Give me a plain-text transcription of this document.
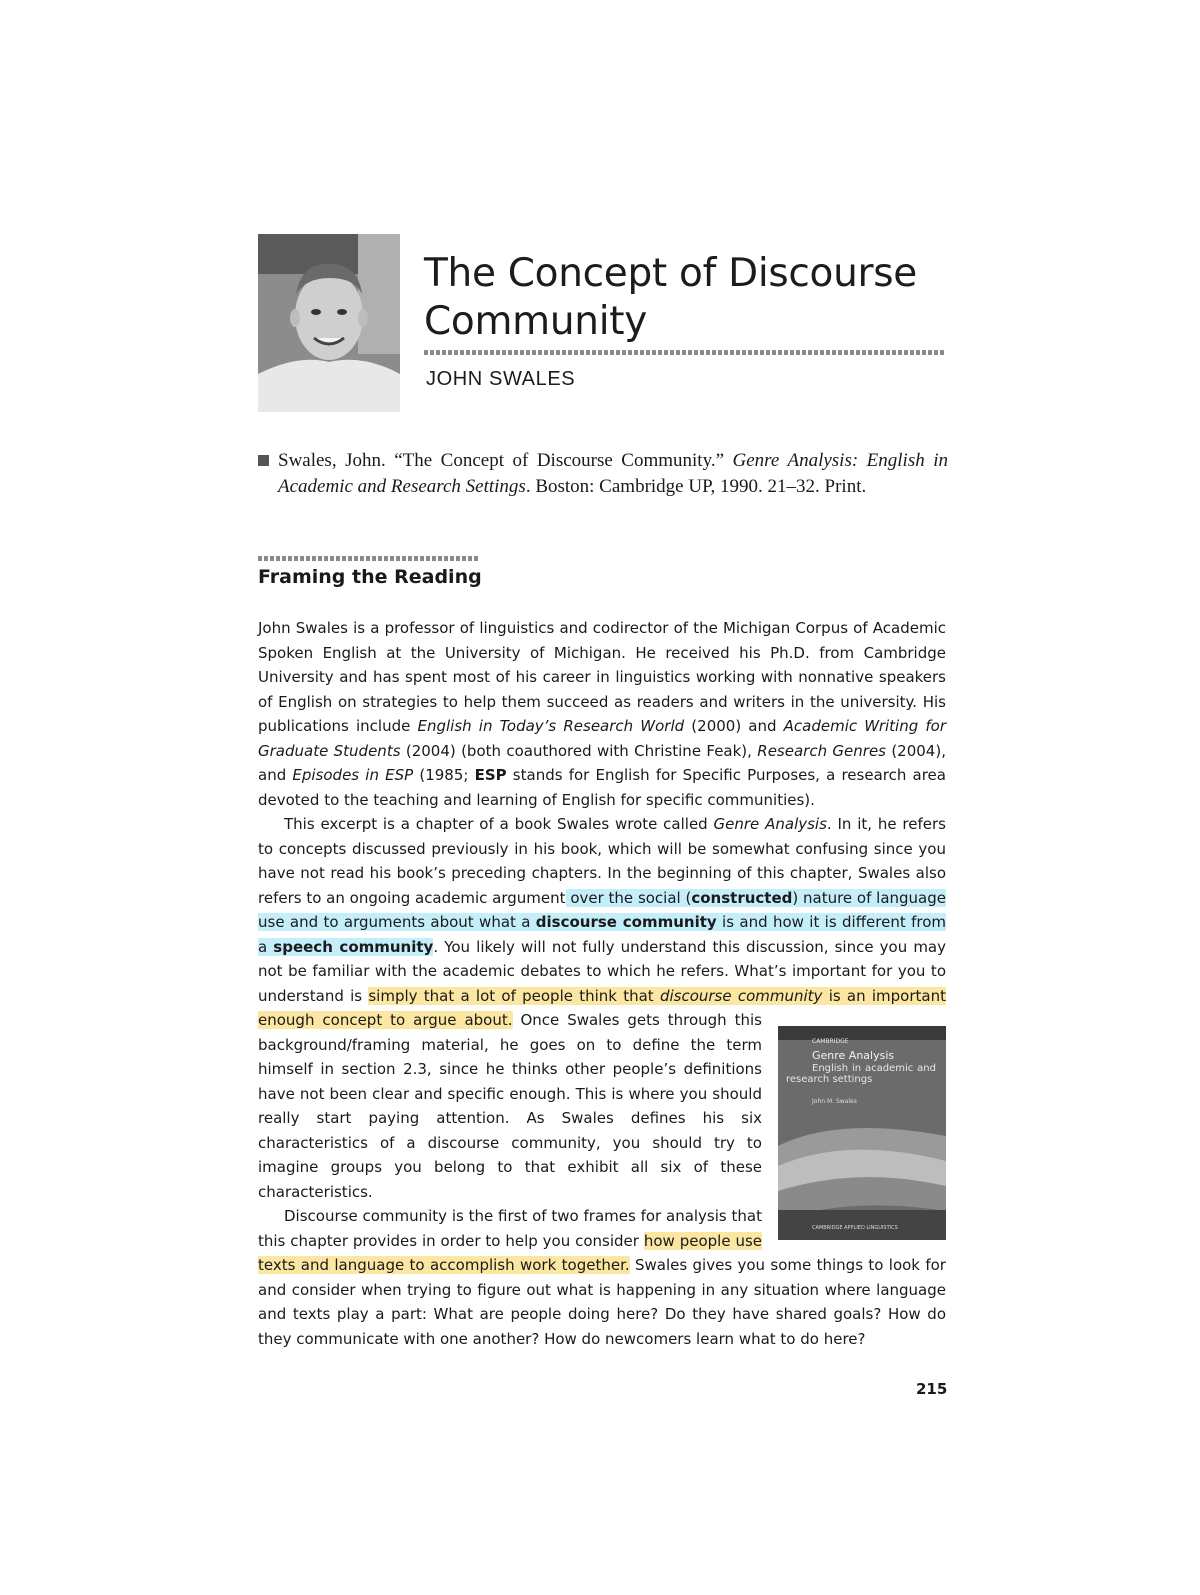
The Concept of Discourse Community
JOHN SWALES
Swales, John. “The Concept of Discourse Community.” Genre Analysis: English in Academic and Research Settings. Boston: Cambridge UP, 1990. 21–32. Print.
Framing the Reading

John Swales is a professor of linguistics and codirector of the Michigan Corpus of Academic Spoken English at the University of Michigan. He received his Ph.D. from Cambridge University and has spent most of his career in linguistics working with nonnative speakers of English on strategies to help them succeed as readers and writers in the university. His publications include English in Today’s Research World (2000) and Academic Writing for Graduate Students (2004) (both coauthored with Christine Feak), Research Genres (2004), and Episodes in ESP (1985; ESP stands for English for Specific Purposes, a research area devoted to the teaching and learning of English for specific communities).

This excerpt is a chapter of a book Swales wrote called Genre Analysis. In it, he refers to concepts discussed previously in his book, which will be somewhat confusing since you have not read his book’s preceding chapters. In the beginning of this chapter, Swales also refers to an ongoing academic argument over the social (constructed) nature of language use and to arguments about what a discourse community is and how it is different from a speech community. You likely will not fully understand this discussion, since you may not be familiar with the academic debates to which he refers. What’s important for you to understand is simply that a lot of people think that discourse community is an important enough concept to argue about.
CAMBRIDGE
Genre Analysis
English in academic and research settings
John M. Swales
CAMBRIDGE APPLIED LINGUISTICS
Once Swales gets through this background/framing material, he goes on to define the term himself in section 2.3, since he thinks other people’s definitions have not been clear and specific enough. This is where you should really start paying attention. As Swales defines his six characteristics of a discourse community, you should try to imagine groups you belong to that exhibit all six of these characteristics.

Discourse community is the first of two frames for analysis that this chapter provides in order to help you consider how people use texts and language to accomplish work together. Swales gives you some things to look for and consider when trying to figure out what is happening in any situation where language and texts play a part: What are people doing here? Do they have shared goals? How do they communicate with one another? How do newcomers learn what to do here?

215
